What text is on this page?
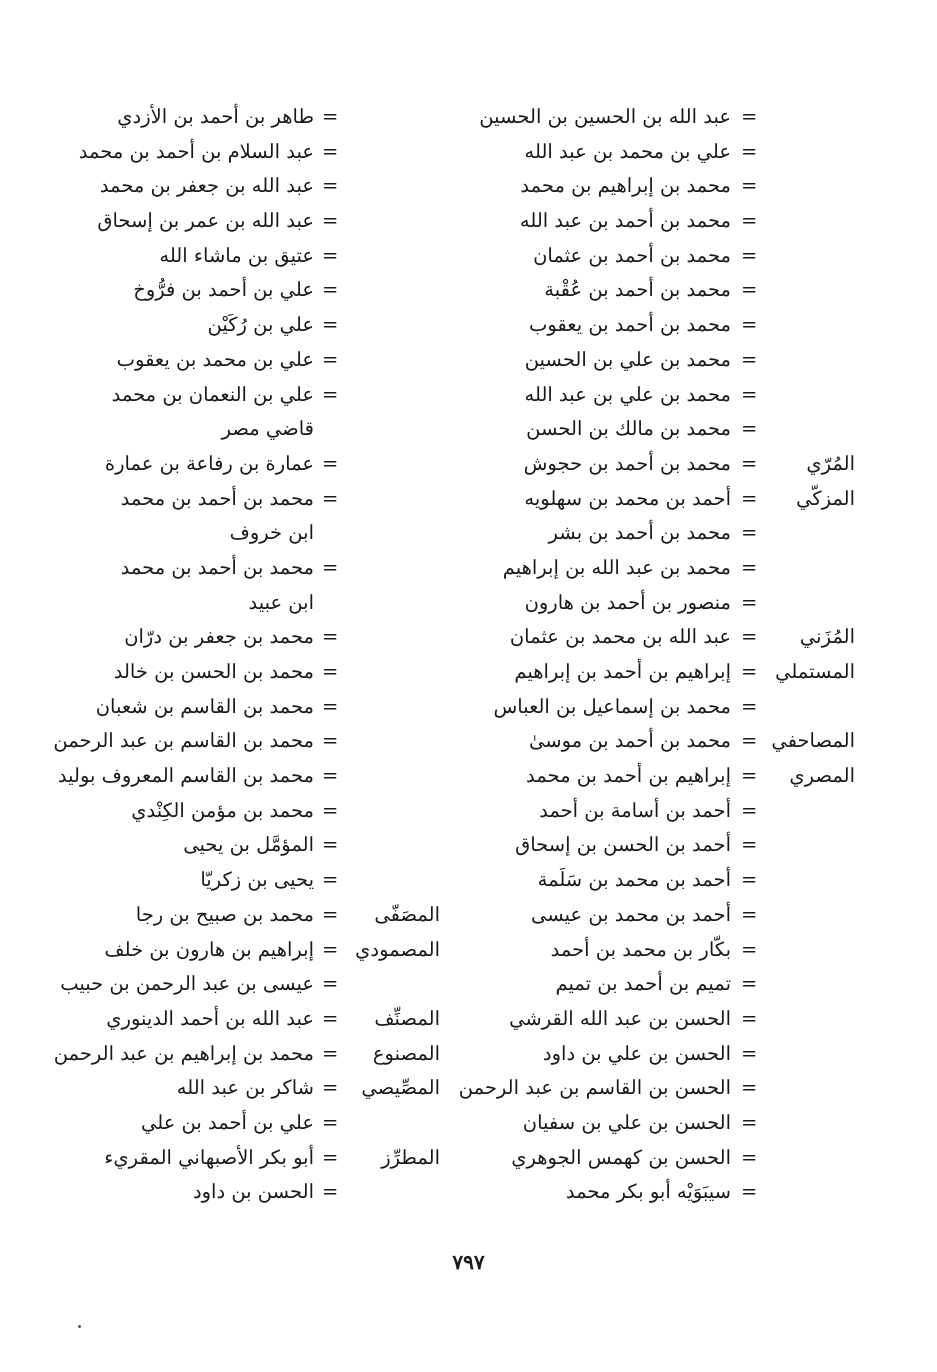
=
عبد الله بن الحسين بن الحسين
=
علي بن محمد بن عبد الله
=
محمد بن إبراهيم بن محمد
=
محمد بن أحمد بن عبد الله
=
محمد بن أحمد بن عثمان
=
محمد بن أحمد بن عُقْبة
=
محمد بن أحمد بن يعقوب
=
محمد بن علي بن الحسين
=
محمد بن علي بن عبد الله
=
محمد بن مالك بن الحسن
المُرّي
=
محمد بن أحمد بن حجوش
المزكّي
=
أحمد بن محمد بن سهلويه
=
محمد بن أحمد بن بشر
=
محمد بن عبد الله بن إبراهيم
=
منصور بن أحمد بن هارون
المُزَني
=
عبد الله بن محمد بن عثمان
المستملي
=
إبراهيم بن أحمد بن إبراهيم
=
محمد بن إسماعيل بن العباس
المصاحفي
=
محمد بن أحمد بن موسىٰ
المصري
=
إبراهيم بن أحمد بن محمد
=
أحمد بن أسامة بن أحمد
=
أحمد بن الحسن بن إسحاق
=
أحمد بن محمد بن سَلَمة
=
أحمد بن محمد بن عيسى
=
بكّار بن محمد بن أحمد
=
تميم بن أحمد بن تميم
=
الحسن بن عبد الله القرشي
=
الحسن بن علي بن داود
=
الحسن بن القاسم بن عبد الرحمن
=
الحسن بن علي بن سفيان
=
الحسن بن كهمس الجوهري
=
سيبَوَيْه أبو بكر محمد
=
طاهر بن أحمد بن الأزدي
=
عبد السلام بن أحمد بن محمد
=
عبد الله بن جعفر بن محمد
=
عبد الله بن عمر بن إسحاق
=
عتيق بن ماشاء الله
=
علي بن أحمد بن فرُّوخ
=
علي بن رُكَيْن
=
علي بن محمد بن يعقوب
=
علي بن النعمان بن محمد
قاضي مصر
=
عمارة بن رفاعة بن عمارة
=
محمد بن أحمد بن محمد
ابن خروف
=
محمد بن أحمد بن محمد
ابن عبيد
=
محمد بن جعفر بن درّان
=
محمد بن الحسن بن خالد
=
محمد بن القاسم بن شعبان
=
محمد بن القاسم بن عبد الرحمن
=
محمد بن القاسم المعروف بوليد
=
محمد بن مؤمن الكِنْدي
=
المؤمَّل بن يحيى
=
يحيى بن زكريّا
المصَفّى
=
محمد بن صبيح بن رجا
المصمودي
=
إبراهيم بن هارون بن خلف
=
عيسى بن عبد الرحمن بن حبيب
المصنِّف
=
عبد الله بن أحمد الدينوري
المصنوع
=
محمد بن إبراهيم بن عبد الرحمن
المصِّيصي
=
شاكر بن عبد الله
=
علي بن أحمد بن علي
المطرِّز
=
أبو بكر الأصبهاني المقريء
=
الحسن بن داود
٧٩٧
